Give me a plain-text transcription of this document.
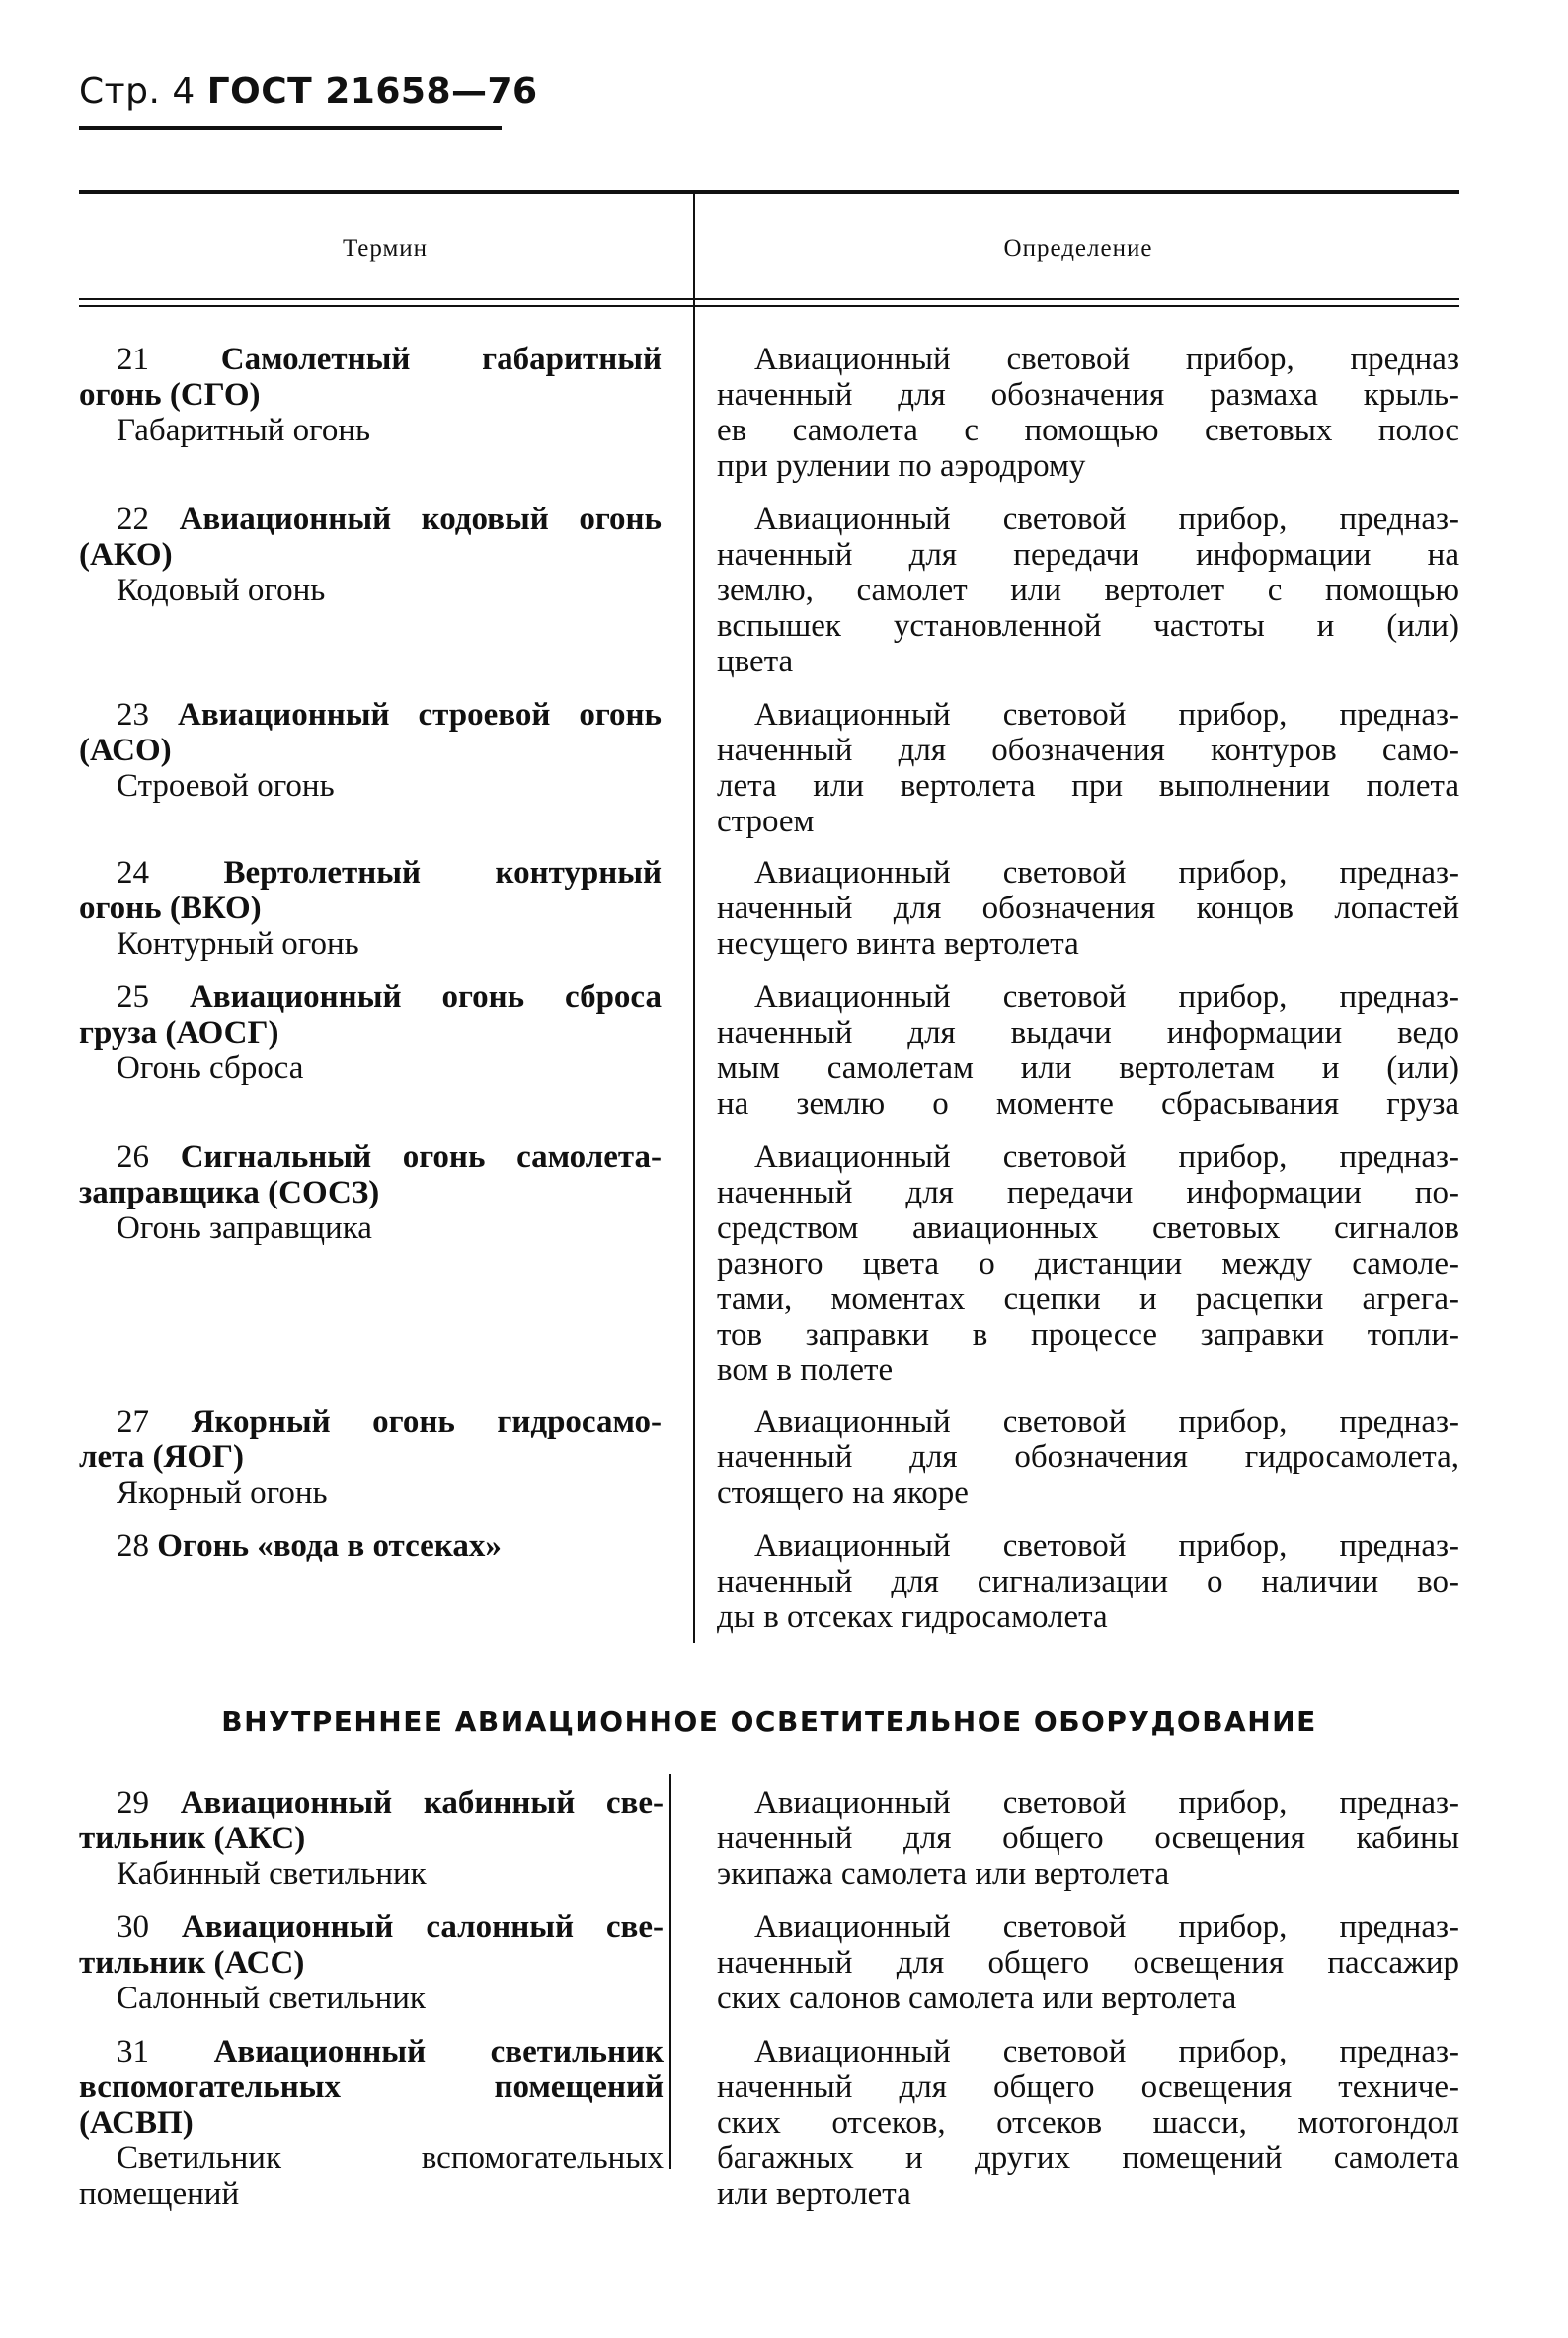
Стр. 4 ГОСТ 21658—76
Термин	Определение
21 Самолетный габаритный
огонь (СГО)
Габаритный огонь
Авиационный световой прибор, предназ
наченный для обозначения размаха крыль-
ев самолета с помощью световых полос
при рулении по аэродрому
22 Авиационный кодовый огонь
(АКО)
Кодовый огонь
Авиационный световой прибор, предназ-
наченный для передачи информации на
землю, самолет или вертолет с помощью
вспышек установленной частоты и (или)
цвета
23 Авиационный строевой огонь
(АСО)
Строевой огонь
Авиационный световой прибор, предназ-
наченный для обозначения контуров само-
лета или вертолета при выполнении полета
строем
24 Вертолетный контурный
огонь (ВКО)
Контурный огонь
Авиационный световой прибор, предназ-
наченный для обозначения концов лопастей
несущего винта вертолета
25 Авиационный огонь сброса
груза (АОСГ)
Огонь сброса
Авиационный световой прибор, предназ-
наченный для выдачи информации ведо
мым самолетам или вертолетам и (или)
на землю о моменте сбрасывания груза
26 Сигнальный огонь самолета-
заправщика (СОСЗ)
Огонь заправщика
Авиационный световой прибор, предназ-
наченный для передачи информации по-
средством авиационных световых сигналов
разного цвета о дистанции между самоле-
тами, моментах сцепки и расцепки агрега-
тов заправки в процессе заправки топли-
вом в полете
27 Якорный огонь гидросамо-
лета (ЯОГ)
Якорный огонь
Авиационный световой прибор, предназ-
наченный для обозначения гидросамолета,
стоящего на якоре
28 Огонь «вода в отсеках»	Авиационный световой прибор, предназ-
наченный для сигнализации о наличии во-
ды в отсеках гидросамолета
ВНУТРЕННЕЕ АВИАЦИОННОЕ ОСВЕТИТЕЛЬНОЕ ОБОРУДОВАНИЕ
29 Авиационный кабинный све-
тильник (АКС)
Кабинный светильник
Авиационный световой прибор, предназ-
наченный для общего освещения кабины
экипажа самолета или вертолета
30 Авиационный салонный све-
тильник (АСС)
Салонный светильник
Авиационный световой прибор, предназ-
наченный для общего освещения пассажир
ских салонов самолета или вертолета
31 Авиационный светильник
вспомогательных помещений
(АСВП)
Светильник вспомогательных
помещений
Авиационный световой прибор, предназ-
наченный для общего освещения техниче-
ских отсеков, отсеков шасси, мотогондол
багажных и других помещений самолета
или вертолета
